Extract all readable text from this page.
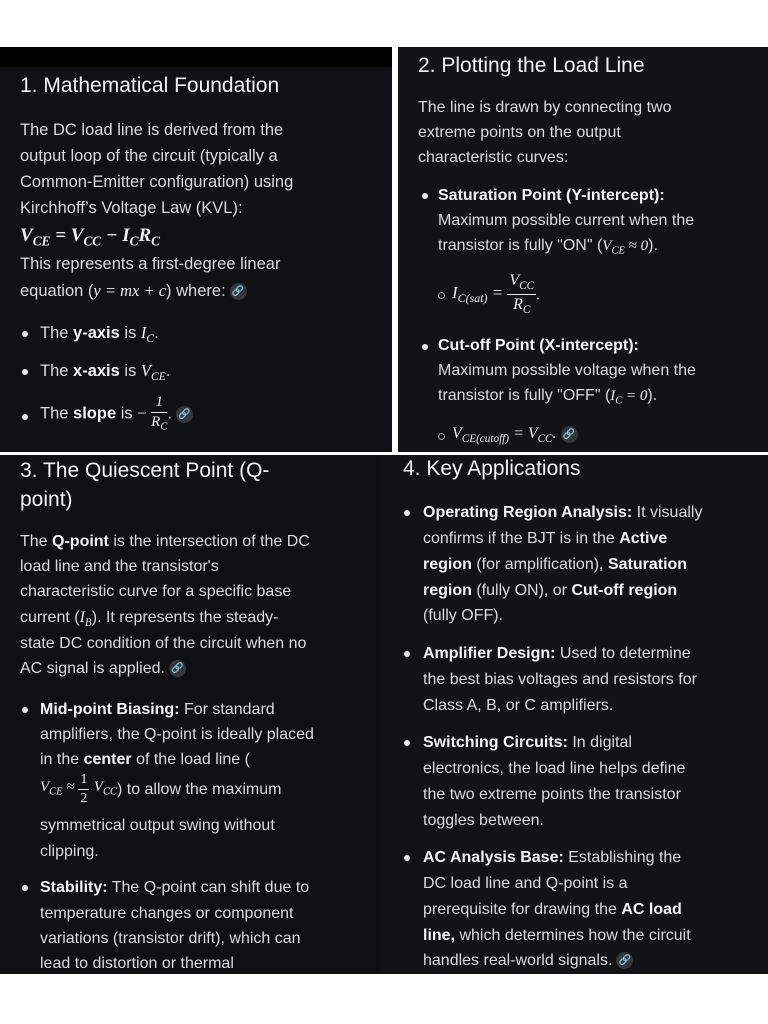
1. Mathematical Foundation
The DC load line is derived from the
output loop of the circuit (typically a
Common-Emitter configuration) using
Kirchhoff’s Voltage Law (KVL):
$V_{CE} = V_{CC} - I_CR_C$
This represents a first-degree linear
equation (y = mx + c) where: 🔗
The y-axis is $I_C$.
The x-axis is $V_{CE}$.
The slope is − $\frac{1}{R_C}$ . 🔗
2. Plotting the Load Line
The line is drawn by connecting two
extreme points on the output
characteristic curves:
Saturation Point (Y-intercept):
Maximum possible current when the
transistor is fully "ON" $(V_{CE} \approx 0)$.
$I_{C(sat)} = \frac{V_{CC}}{R_C}$ .
Cut-off Point (X-intercept):
Maximum possible voltage when the
transistor is fully "OFF" $(I_C = 0)$.
$V_{CE(cutoff)} = V_{CC}$. 🔗
3. The Quiescent Point (Q-
point)
The Q-point is the intersection of the DC
load line and the transistor's
characteristic curve for a specific base
current $(I_B)$. It represents the steady-
state DC condition of the circuit when no
AC signal is applied. 🔗
Mid-point Biasing: For standard
amplifiers, the Q-point is ideally placed
in the center of the load line (
$V_{CE} \approx \frac{1}{2} V_{CC}$) to allow the maximum
symmetrical output swing without
clipping.
Stability: The Q-point can shift due to
temperature changes or component
variations (transistor drift), which can
lead to distortion or thermal
4. Key Applications
Operating Region Analysis: It visually
confirms if the BJT is in the Active
region (for amplification), Saturation
region (fully ON), or Cut-off region
(fully OFF).
Amplifier Design: Used to determine
the best bias voltages and resistors for
Class A, B, or C amplifiers.
Switching Circuits: In digital
electronics, the load line helps define
the two extreme points the transistor
toggles between.
AC Analysis Base: Establishing the
DC load line and Q-point is a
prerequisite for drawing the AC load
line, which determines how the circuit
handles real-world signals. 🔗
